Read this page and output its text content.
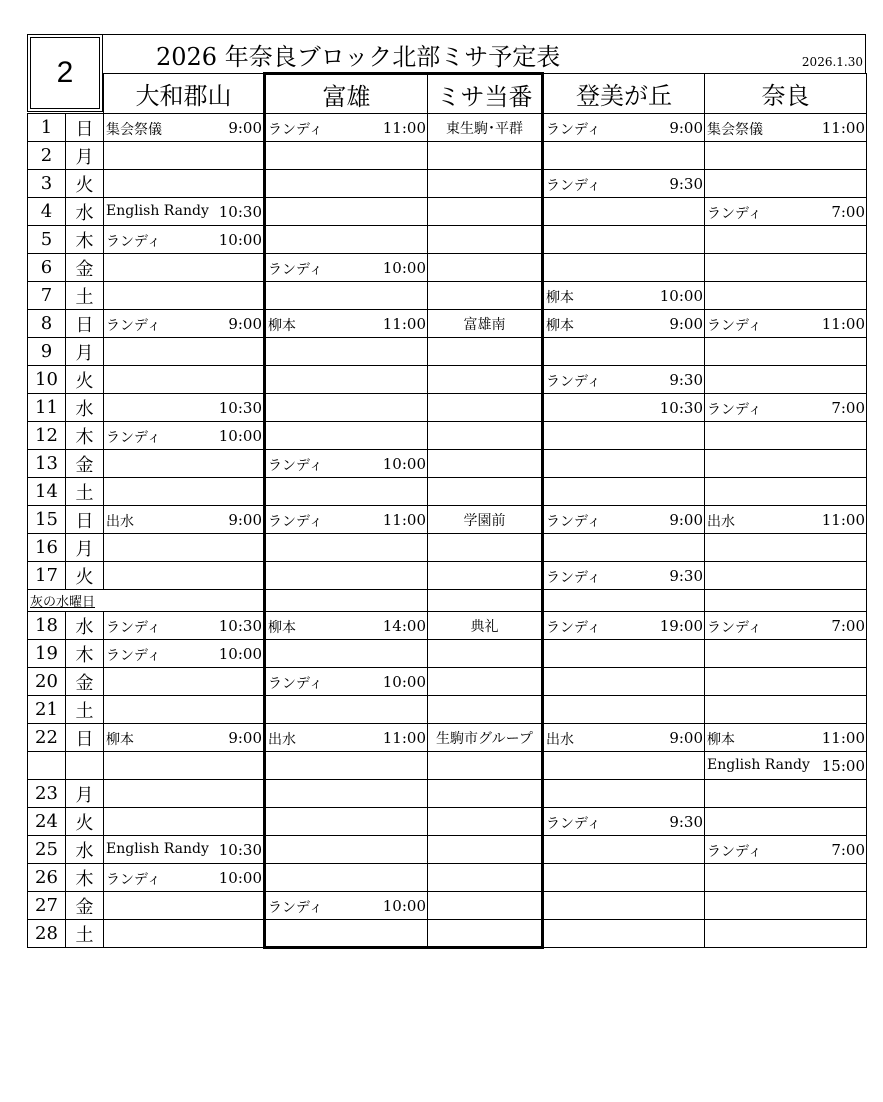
2	2026 年奈良ブロック北部ミサ予定表	2026.1.30
		大和郡山	富雄	ミサ当番	登美が丘	奈良
1	日	集会祭儀 9:00	ランディ 11:00	東生駒･平群	ランディ 9:00	集会祭儀 11:00

2	月	

3	火				ランディ 9:30	

4	水	English Randy 10:30				ランディ 7:00

5	木	ランディ 10:00				

6	金		ランディ 10:00			

7	土				柳本 10:00	

8	日	ランディ 9:00	柳本 11:00	富雄南	柳本 9:00	ランディ 11:00

9	月	

10	火				ランディ 9:30	

11	水	10:30			10:30	ランディ 7:00

12	木	ランディ 10:00				

13	金		ランディ 10:00			

14	土	

15	日	出水 9:00	ランディ 11:00	学園前	ランディ 9:00	出水 11:00

16	月	

17	火				ランディ 9:30	

灰の水曜日						
18	水	ランディ 10:30	柳本 14:00	典礼	ランディ 19:00	ランディ 7:00

19	木	ランディ 10:00				

20	金		ランディ 10:00			

21	土	

22	日	柳本 9:00	出水 11:00	生駒市グループ	出水 9:00	柳本 11:00

						English Randy 15:00

23	月	

24	火				ランディ 9:30	

25	水	English Randy 10:30				ランディ 7:00

26	木	ランディ 10:00				

27	金		ランディ 10:00			

28	土	
